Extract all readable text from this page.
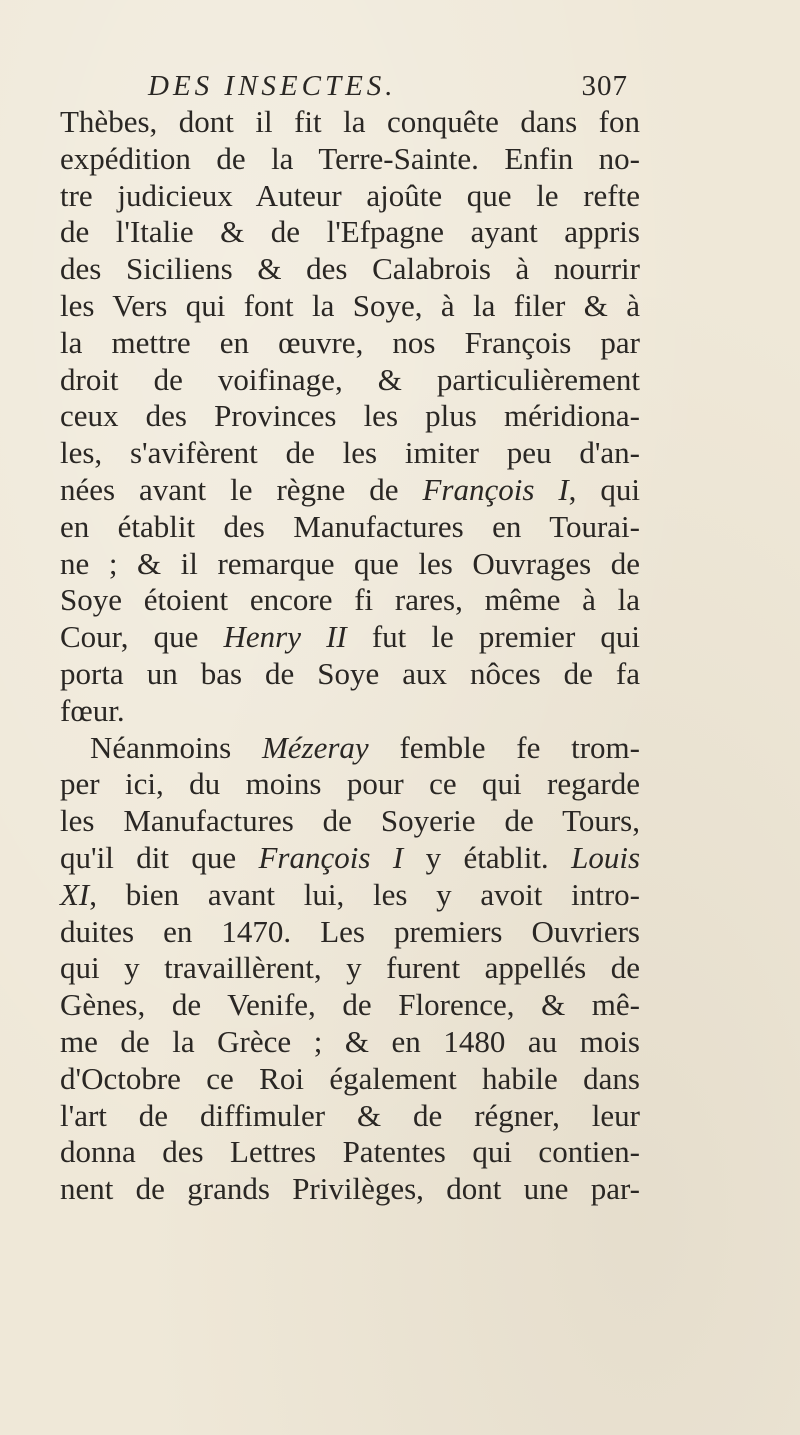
DES INSECTES.	307
Thèbes, dont il fit la conquête dans fon
expédition de la Terre-Sainte. Enfin no-
tre judicieux Auteur ajoûte que le refte
de l'Italie & de l'Efpagne ayant appris
des Siciliens & des Calabrois à nourrir
les Vers qui font la Soye, à la filer & à
la mettre en œuvre, nos François par
droit de voifinage, & particulièrement
ceux des Provinces les plus méridiona-
les, s'avifèrent de les imiter peu d'an-
nées avant le règne de François I, qui
en établit des Manufactures en Tourai-
ne ; & il remarque que les Ouvrages de
Soye étoient encore fi rares, même à la
Cour, que Henry II fut le premier qui
porta un bas de Soye aux nôces de fa
fœur.
Néanmoins Mézeray femble fe trom-
per ici, du moins pour ce qui regarde
les Manufactures de Soyerie de Tours,
qu'il dit que François I y établit. Louis
XI, bien avant lui, les y avoit intro-
duites en 1470. Les premiers Ouvriers
qui y travaillèrent, y furent appellés de
Gènes, de Venife, de Florence, & mê-
me de la Grèce ; & en 1480 au mois
d'Octobre ce Roi également habile dans
l'art de diffimuler & de régner, leur
donna des Lettres Patentes qui contien-
nent de grands Privilèges, dont une par-
